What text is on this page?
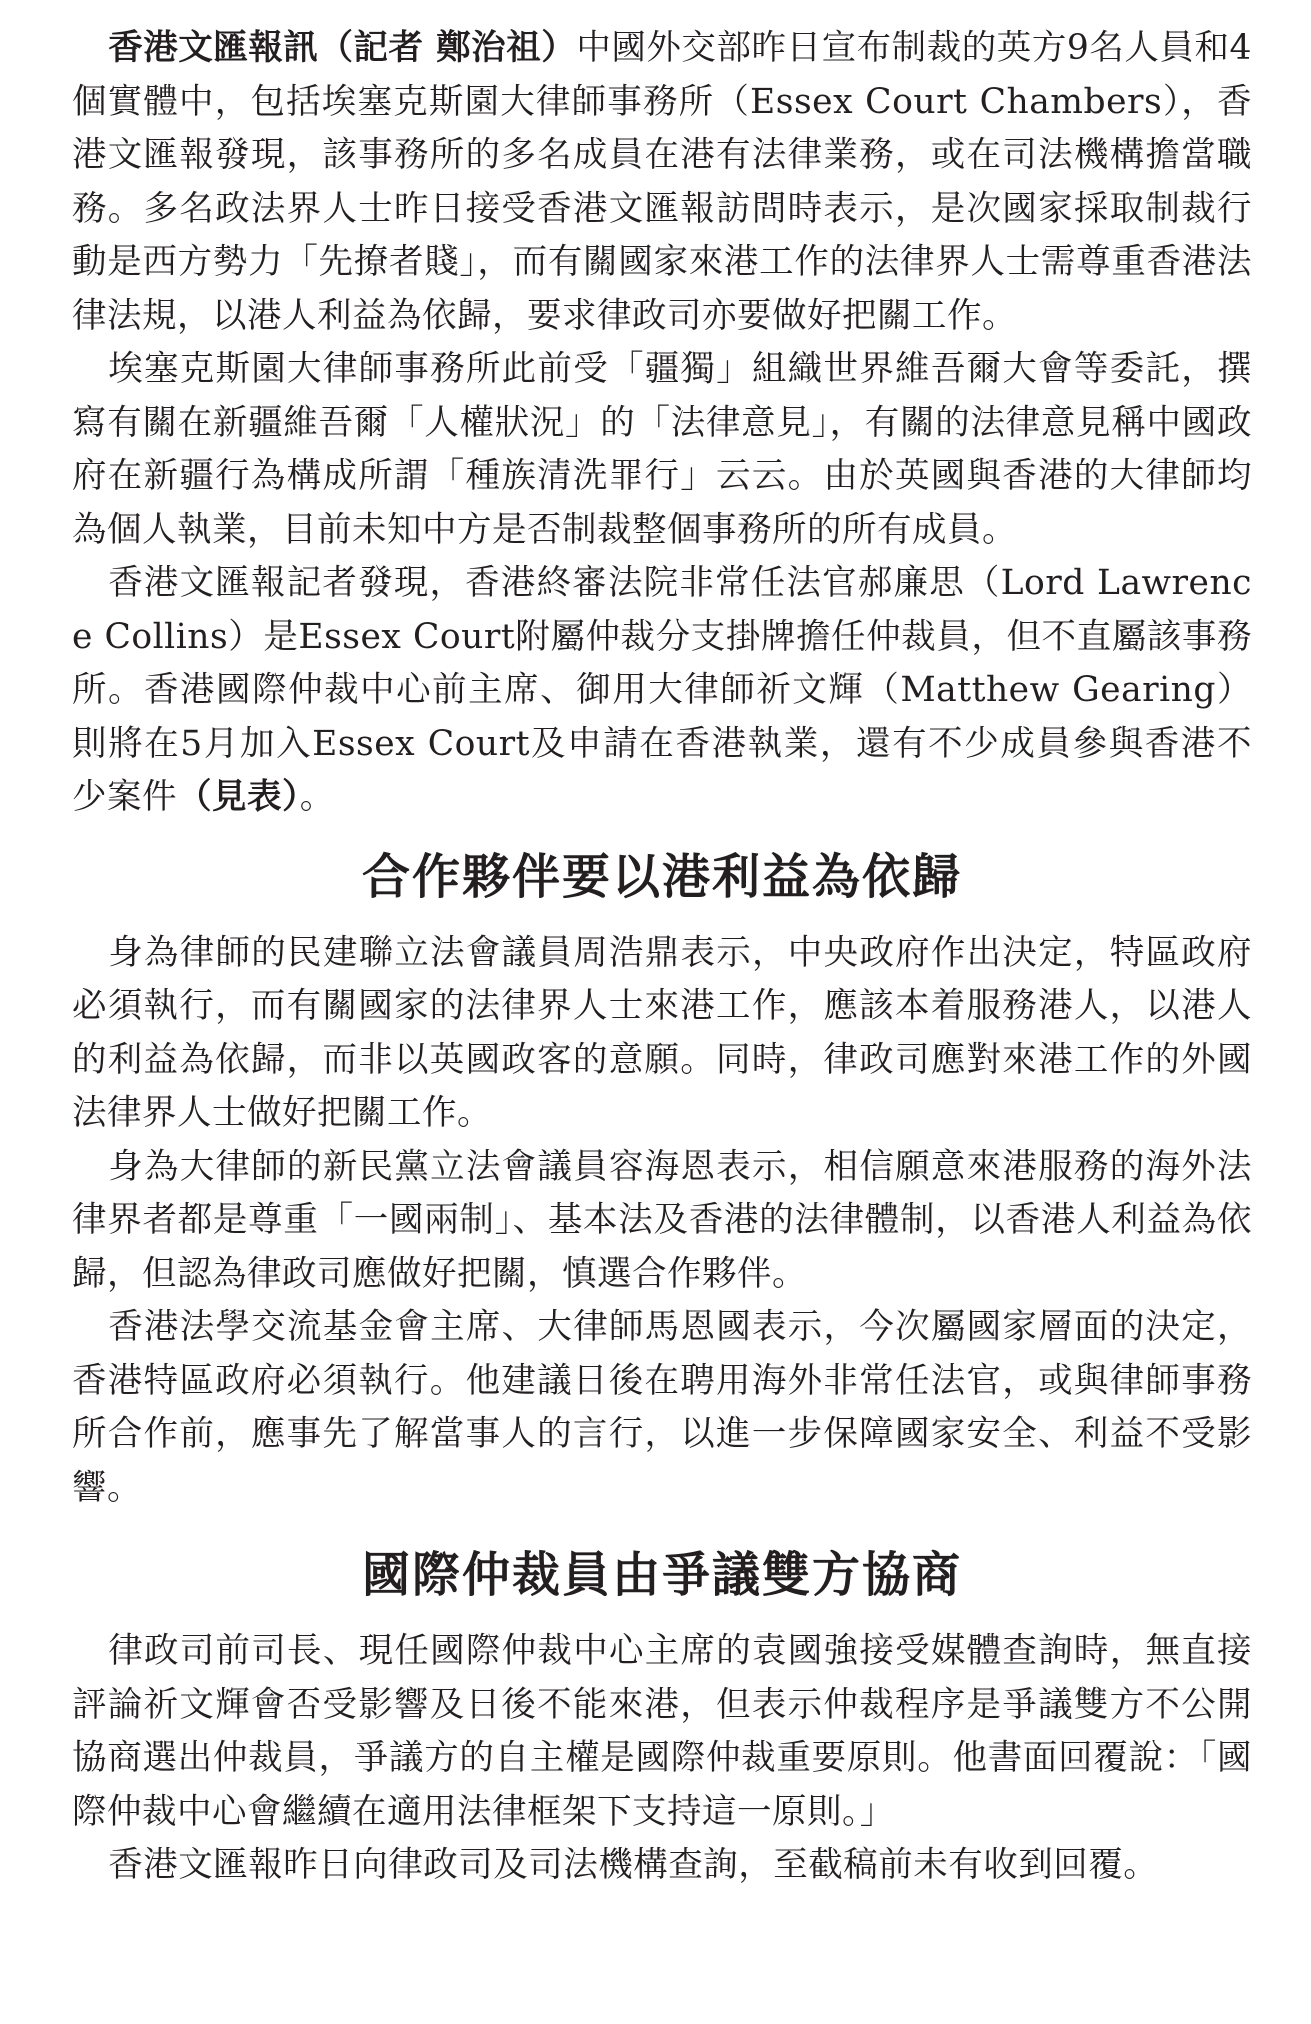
香港文匯報訊（記者 鄭治祖）中國外交部昨日宣布制裁的英方9名人員和4個實體中，包括埃塞克斯園大律師事務所（Essex Court Chambers），香港文匯報發現，該事務所的多名成員在港有法律業務，或在司法機構擔當職務。多名政法界人士昨日接受香港文匯報訪問時表示，是次國家採取制裁行動是西方勢力「先撩者賤」，而有關國家來港工作的法律界人士需尊重香港法律法規，以港人利益為依歸，要求律政司亦要做好把關工作。

埃塞克斯園大律師事務所此前受「疆獨」組織世界維吾爾大會等委託，撰寫有關在新疆維吾爾「人權狀況」的「法律意見」，有關的法律意見稱中國政府在新疆行為構成所謂「種族清洗罪行」云云。由於英國與香港的大律師均為個人執業，目前未知中方是否制裁整個事務所的所有成員。

香港文匯報記者發現，香港終審法院非常任法官郝廉思（Lord Lawrence Collins）是Essex Court附屬仲裁分支掛牌擔任仲裁員，但不直屬該事務所。香港國際仲裁中心前主席、御用大律師祈文輝（Matthew Gearing）則將在5月加入Essex Court及申請在香港執業，還有不少成員參與香港不少案件（見表）。

合作夥伴要以港利益為依歸

身為律師的民建聯立法會議員周浩鼎表示，中央政府作出決定，特區政府必須執行，而有關國家的法律界人士來港工作，應該本着服務港人，以港人的利益為依歸，而非以英國政客的意願。同時，律政司應對來港工作的外國法律界人士做好把關工作。

身為大律師的新民黨立法會議員容海恩表示，相信願意來港服務的海外法律界者都是尊重「一國兩制」、基本法及香港的法律體制，以香港人利益為依歸，但認為律政司應做好把關，慎選合作夥伴。

香港法學交流基金會主席、大律師馬恩國表示，今次屬國家層面的決定，香港特區政府必須執行。他建議日後在聘用海外非常任法官，或與律師事務所合作前，應事先了解當事人的言行，以進一步保障國家安全、利益不受影響。

國際仲裁員由爭議雙方協商

律政司前司長、現任國際仲裁中心主席的袁國強接受媒體查詢時，無直接評論祈文輝會否受影響及日後不能來港，但表示仲裁程序是爭議雙方不公開協商選出仲裁員，爭議方的自主權是國際仲裁重要原則。他書面回覆說：「國際仲裁中心會繼續在適用法律框架下支持這一原則。」

香港文匯報昨日向律政司及司法機構查詢，至截稿前未有收到回覆。
